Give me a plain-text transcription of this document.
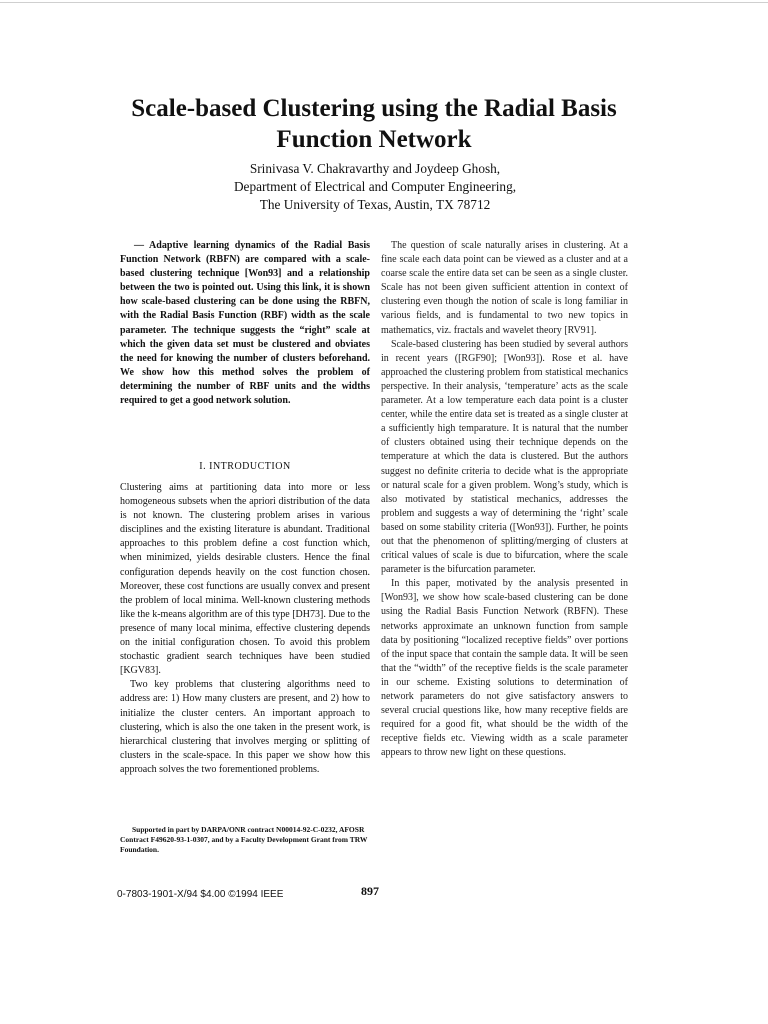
Scale-based Clustering using the Radial Basis Function Network
Srinivasa V. Chakravarthy and Joydeep Ghosh,
Department of Electrical and Computer Engineering,
The University of Texas, Austin, TX 78712

— Adaptive learning dynamics of the Radial Basis Function Network (RBFN) are compared with a scale-based clustering technique [Won93] and a relationship between the two is pointed out. Using this link, it is shown how scale-based clustering can be done using the RBFN, with the Radial Basis Function (RBF) width as the scale parameter. The technique suggests the “right” scale at which the given data set must be clustered and obviates the need for knowing the number of clusters beforehand. We show how this method solves the problem of determining the number of RBF units and the widths required to get a good network solution.

I. INTRODUCTION

Clustering aims at partitioning data into more or less homogeneous subsets when the apriori distribution of the data is not known. The clustering problem arises in various disciplines and the existing literature is abundant. Traditional approaches to this problem define a cost function which, when minimized, yields desirable clusters. Hence the final configuration depends heavily on the cost function chosen. Moreover, these cost functions are usually convex and present the problem of local minima. Well-known clustering methods like the k-means algorithm are of this type [DH73]. Due to the presence of many local minima, effective clustering depends on the initial configuration chosen. To avoid this problem stochastic gradient search techniques have been studied [KGV83].

Two key problems that clustering algorithms need to address are: 1) How many clusters are present, and 2) how to initialize the cluster centers. An important approach to clustering, which is also the one taken in the present work, is hierarchical clustering that involves merging or splitting of clusters in the scale-space. In this paper we show how this approach solves the two forementioned problems.

Supported in part by DARPA/ONR contract N00014-92-C-0232, AFOSR Contract F49620-93-1-0307, and by a Faculty Development Grant from TRW Foundation.

The question of scale naturally arises in clustering. At a fine scale each data point can be viewed as a cluster and at a coarse scale the entire data set can be seen as a single cluster. Scale has not been given sufficient attention in context of clustering even though the notion of scale is long familiar in various fields, and is fundamental to two new topics in mathematics, viz. fractals and wavelet theory [RV91].

Scale-based clustering has been studied by several authors in recent years ([RGF90]; [Won93]). Rose et al. have approached the clustering problem from statistical mechanics perspective. In their analysis, ‘temperature’ acts as the scale parameter. At a low temperature each data point is a cluster center, while the entire data set is treated as a single cluster at a sufficiently high temparature. It is natural that the number of clusters obtained using their technique depends on the temperature at which the data is clustered. But the authors suggest no definite criteria to decide what is the appropriate or natural scale for a given problem. Wong’s study, which is also motivated by statistical mechanics, addresses the problem and suggests a way of determining the ‘right’ scale based on some stability criteria ([Won93]). Further, he points out that the phenomenon of splitting/merging of clusters at critical values of scale is due to bifurcation, where the scale parameter is the bifurcation parameter.

In this paper, motivated by the analysis presented in [Won93], we show how scale-based clustering can be done using the Radial Basis Function Network (RBFN). These networks approximate an unknown function from sample data by positioning “localized receptive fields” over portions of the input space that contain the sample data. It will be seen that the “width” of the receptive fields is the scale parameter in our scheme. Existing solutions to determination of network parameters do not give satisfactory answers to several crucial questions like, how many receptive fields are required for a good fit, what should be the width of the receptive fields etc. Viewing width as a scale parameter appears to throw new light on these questions.

0-7803-1901-X/94 $4.00 ©1994 IEEE	897
